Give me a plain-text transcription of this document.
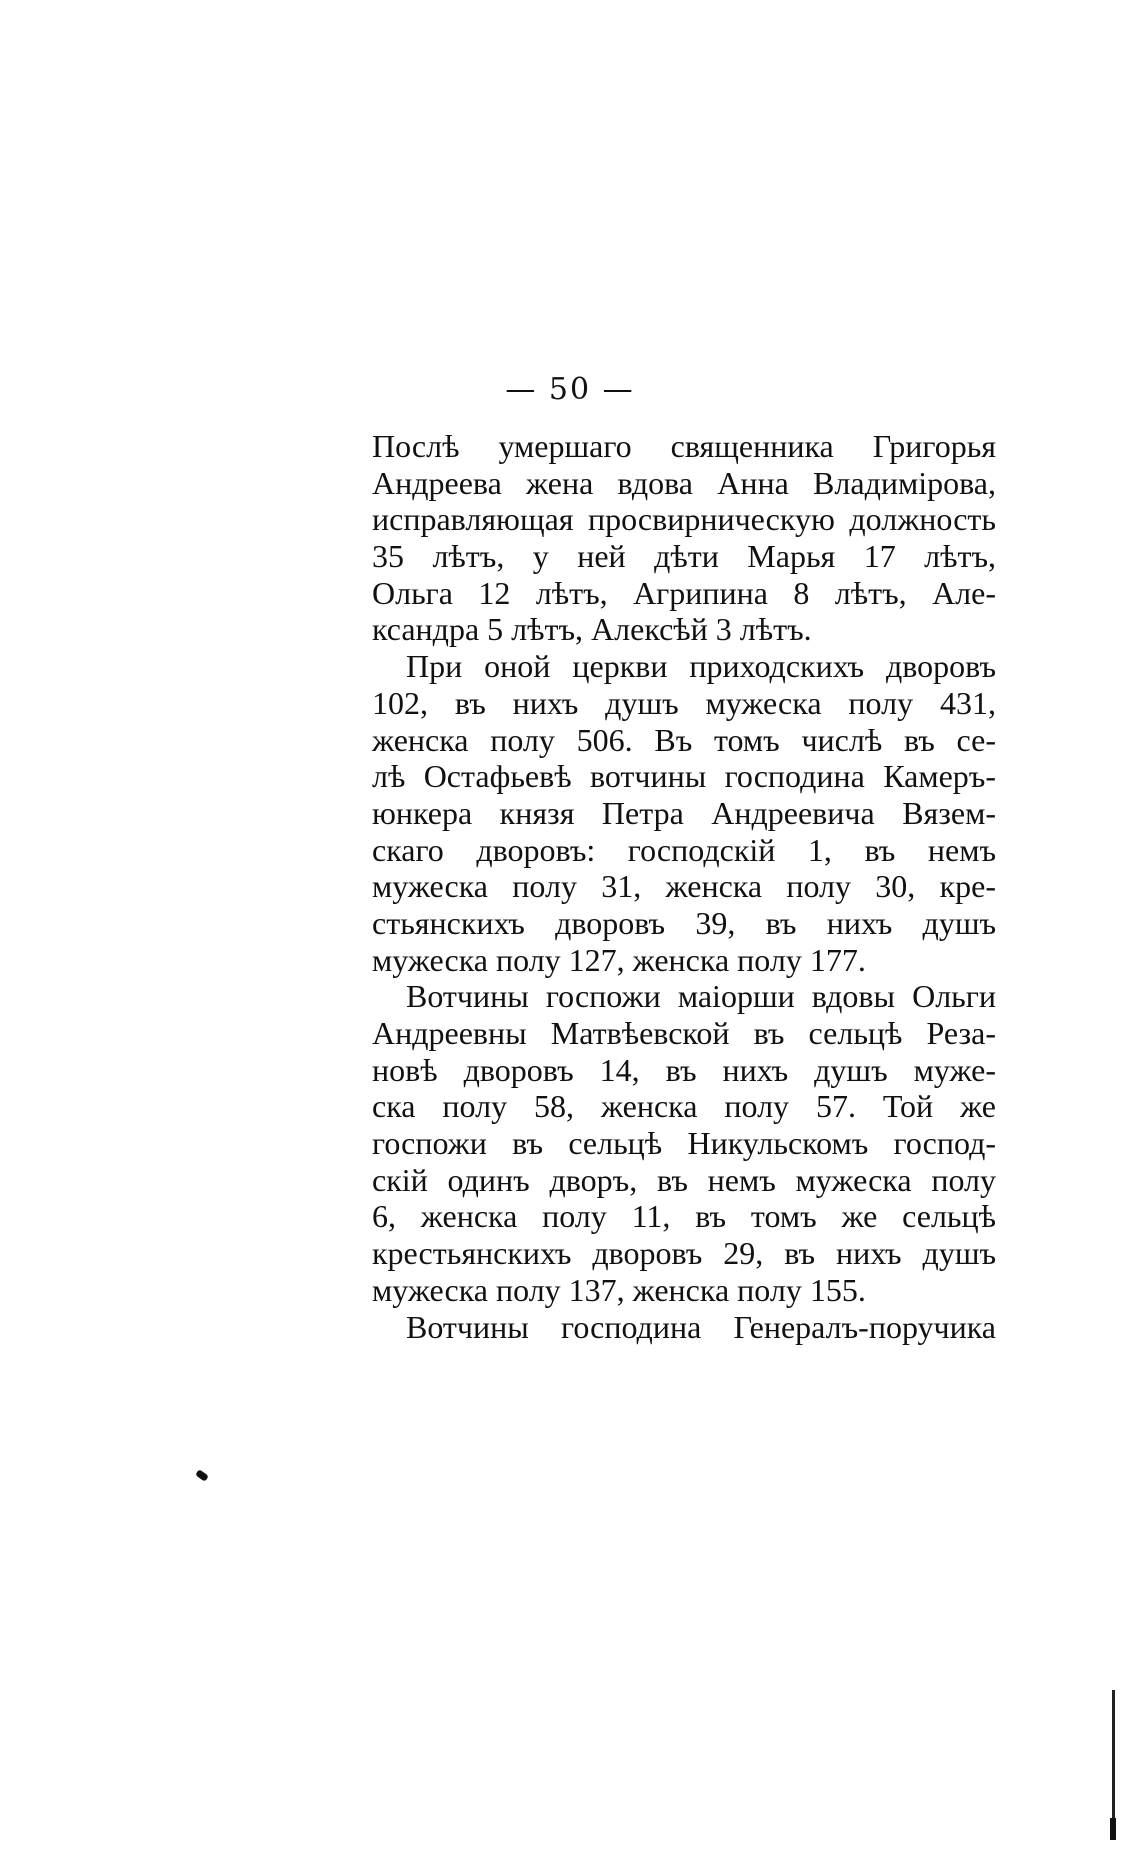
— 50 —
Послѣ умершаго священника Григорья
Андреева жена вдова Анна Владимірова,
исправляющая просвирническую должность
35 лѣтъ, у ней дѣти Марья 17 лѣтъ,
Ольга 12 лѣтъ, Агрипина 8 лѣтъ, Але-
ксандра 5 лѣтъ, Алексѣй 3 лѣтъ.
При оной церкви приходскихъ дворовъ
102, въ нихъ душъ мужеска полу 431,
женска полу 506. Въ томъ числѣ въ се-
лѣ Остафьевѣ вотчины господина Камеръ-
юнкера князя Петра Андреевича Вязем-
скаго дворовъ: господскій 1, въ немъ
мужеска полу 31, женска полу 30, кре-
стьянскихъ дворовъ 39, въ нихъ душъ
мужеска полу 127, женска полу 177.
Вотчины госпожи маіорши вдовы Ольги
Андреевны Матвѣевской въ сельцѣ Реза-
новѣ дворовъ 14, въ нихъ душъ муже-
ска полу 58, женска полу 57. Той же
госпожи въ сельцѣ Никульскомъ господ-
скій одинъ дворъ, въ немъ мужеска полу
6, женска полу 11, въ томъ же сельцѣ
крестьянскихъ дворовъ 29, въ нихъ душъ
мужеска полу 137, женска полу 155.
Вотчины господина Генералъ-поручика
